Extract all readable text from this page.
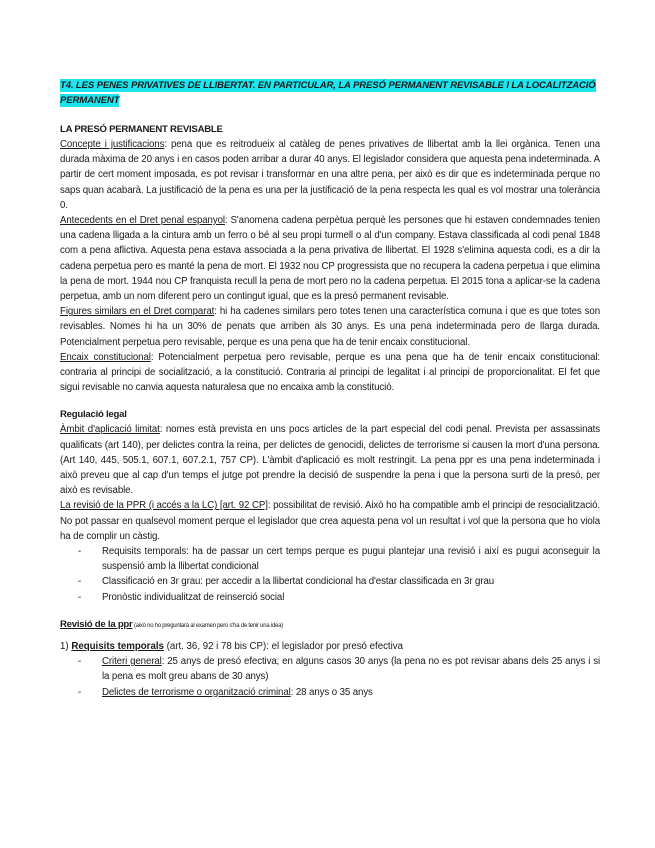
T4. LES PENES PRIVATIVES DE LLIBERTAT. EN PARTICULAR, LA PRESÓ PERMANENT REVISABLE I LA LOCALITZACIÓ PERMANENT
LA PRESÓ PERMANENT REVISABLE

Concepte i justificacions: pena que es reitrodueix al catàleg de penes privatives de llibertat amb la llei orgànica. Tenen una durada màxima de 20 anys i en casos poden arribar a durar 40 anys. El legislador considera que aquesta pena indeterminada. A partir de cert moment imposada, es pot revisar i transformar en una altre pena, per això es dir que es indeterminada perque no saps quan acabarà. La justificació de la pena es una per la justificació de la pena respecta les qual es vol mostrar una tolerància 0.

Antecedents en el Dret penal espanyol: S'anomena cadena perpètua perquè les persones que hi estaven condemnades tenien una cadena lligada a la cintura amb un ferro o bé al seu propi turmell o al d'un company. Estava classificada al codi penal 1848 com a pena aflictiva. Aquesta pena estava associada a la pena privativa de llibertat. El 1928 s'elimina aquesta codi, es a dir la cadena perpetua pero es manté la pena de mort. El 1932 nou CP progressista que no recupera la cadena perpetua i que elimina la pena de mort. 1944 nou CP franquista recull la pena de mort pero no la cadena perpetua. El 2015 tona a aplicar-se la cadena perpetua, amb un nom diferent pero un contingut igual, que es la presó permanent revisable.

Figures similars en el Dret comparat: hi ha cadenes similars pero totes tenen una característica comuna i que es que totes son revisables. Nomes hi ha un 30% de penats que arriben als 30 anys. Es una pena indeterminada pero de llarga durada. Potencialment perpetua pero revisable, perque es una pena que ha de tenir encaix constitucional.

Encaix constitucional: Potencialment perpetua pero revisable, perque es una pena que ha de tenir encaix constitucional: contraria al principi de socialització, a la constitució. Contraria al principi de legalitat i al principi de proporcionalitat. El fet que sigui revisable no canvia aquesta naturalesa que no encaixa amb la constitució.

Regulació legal

Àmbit d'aplicació limitat: nomes està prevista en uns pocs articles de la part especial del codi penal. Prevista per assassinats qualificats (art 140), per delictes contra la reina, per delictes de genocidi, delictes de terrorisme si causen la mort d'una persona. (Art 140, 445, 505.1, 607.1, 607.2.1, 757 CP). L'àmbit d'aplicació es molt restringit. La pena ppr es una pena indeterminada i això preveu que al cap d'un temps el jutge pot prendre la decisió de suspendre la pena i que la persona surti de la presó, per això es revisable.

La revisió de la PPR (i accés a la LC) [art. 92 CP]: possibilitat de revisió. Això ho ha compatible amb el principi de resocialització. No pot passar en qualsevol moment perque el legislador que crea aquesta pena vol un resultat i vol que la persona que ho viola ha de complir un càstig.

- Requisits temporals: ha de passar un cert temps perque es pugui plantejar una revisió i així es pugui aconseguir la suspensió amb la llibertat condicional
- Classificació en 3r grau: per accedir a la llibertat condicional ha d'estar classificada en 3r grau
- Pronòstic individualitzat de reinserció social
Revisió de la ppr (això no ho preguntarà al examen pero s'ha de tenir una idea)
1) Requisits temporals (art. 36, 92 i 78 bis CP): el legislador por presó efectiva
- Criteri general: 25 anys de presó efectiva; en alguns casos 30 anys (la pena no es pot revisar abans dels 25 anys i si la pena es molt greu abans de 30 anys)
- Delictes de terrorisme o organització criminal: 28 anys o 35 anys
